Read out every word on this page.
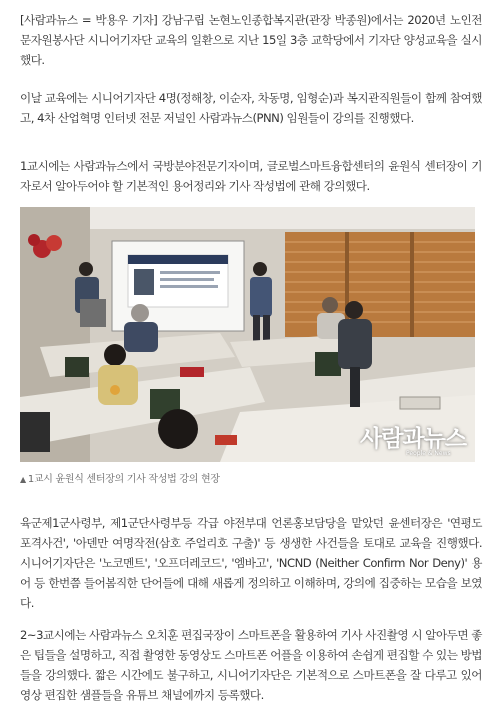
[사람과뉴스 = 박용우 기자] 강남구립 논현노인종합복지관(관장 박종원)에서는 2020년 노인전문자원봉사단 시니어기자단 교육의 일환으로 지난 15일 3층 교학당에서 기자단 양성교육을 실시했다.

이날 교육에는 시니어기자단 4명(정해창, 이순자, 차동명, 임형순)과 복지관직원들이 함께 참여했고, 4차 산업혁명 인터넷 전문 저널인 사람과뉴스(PNN) 임원들이 강의를 진행했다.

1교시에는 사람과뉴스에서 국방분야전문기자이며, 글로벌스마트융합센터의 윤원식 센터장이 기자로서 알아두어야 할 기본적인 용어정리와 기사 작성법에 관해 강의했다.

사람과뉴스
People & News
▲ 1교시 윤원식 센터장의 기사 작성법 강의 현장

육군제1군사령부, 제1군단사령부등 각급 야전부대 언론홍보담당을 맡았던 윤센터장은 '연평도 포격사건', '아덴만 여명작전(삼호 주얼리호 구출)' 등 생생한 사건들을 토대로 교육을 진행했다. 시니어기자단은 '노코멘트', '오프더레코드', '엠바고', 'NCND (Neither Confirm Nor Deny)' 용어 등 한번쯤 들어봄직한 단어들에 대해 새롭게 정의하고 이해하며, 강의에 집중하는 모습을 보였다.

2~3교시에는 사람과뉴스 오치훈 편집국장이 스마트폰을 활용하여 기사 사진촬영 시 알아두면 좋은 팁들을 설명하고, 직접 촬영한 동영상도 스마트폰 어플을 이용하여 손쉽게 편집할 수 있는 방법들을 강의했다. 짧은 시간에도 불구하고, 시니어기자단은 기본적으로 스마트폰을 잘 다루고 있어 영상 편집한 샘플들을 유튜브 채널에까지 등록했다.
